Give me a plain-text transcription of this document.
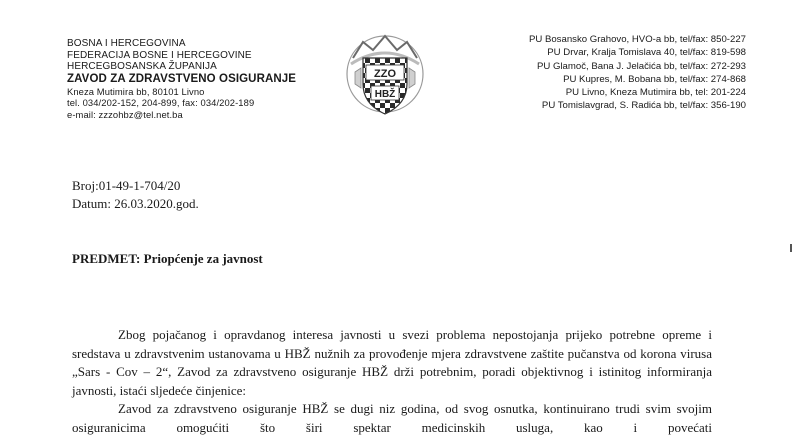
BOSNA I HERCEGOVINA
FEDERACIJA BOSNE I HERCEGOVINE
HERCEGBOSANSKA ŽUPANIJA
ZAVOD ZA ZDRAVSTVENO OSIGURANJE
Kneza Mutimira bb, 80101 Livno
tel. 034/202-152, 204-899, fax: 034/202-189
e-mail: zzzohbz@tel.net.ba
ZZO
HBŽ
PU Bosansko Grahovo, HVO-a bb, tel/fax: 850-227
PU Drvar, Kralja Tomislava 40, tel/fax: 819-598
PU Glamoč, Bana J. Jelačića bb, tel/fax: 272-293
PU Kupres, M. Bobana bb, tel/fax: 274-868
PU Livno, Kneza Mutimira bb, tel: 201-224
PU Tomislavgrad, S. Radića bb, tel/fax: 356-190
Broj:01-49-1-704/20
Datum: 26.03.2020.god.
PREDMET: Priopćenje za javnost

Zbog pojačanog i opravdanog interesa javnosti u svezi problema nepostojanja prijeko potrebne opreme i sredstava u zdravstvenim ustanovama u HBŽ nužnih za provođenje mjera zdravstvene zaštite pučanstva od korona virusa „Sars - Cov – 2“, Zavod za zdravstveno osiguranje HBŽ drži potrebnim, poradi objektivnog i istinitog informiranja javnosti, istaći sljedeće činjenice:

Zavod za zdravstveno osiguranje HBŽ se dugi niz godina, od svog osnutka, kontinuirano trudi svim svojim osiguranicima omogućiti što širi spektar medicinskih usluga, kao i povećati
